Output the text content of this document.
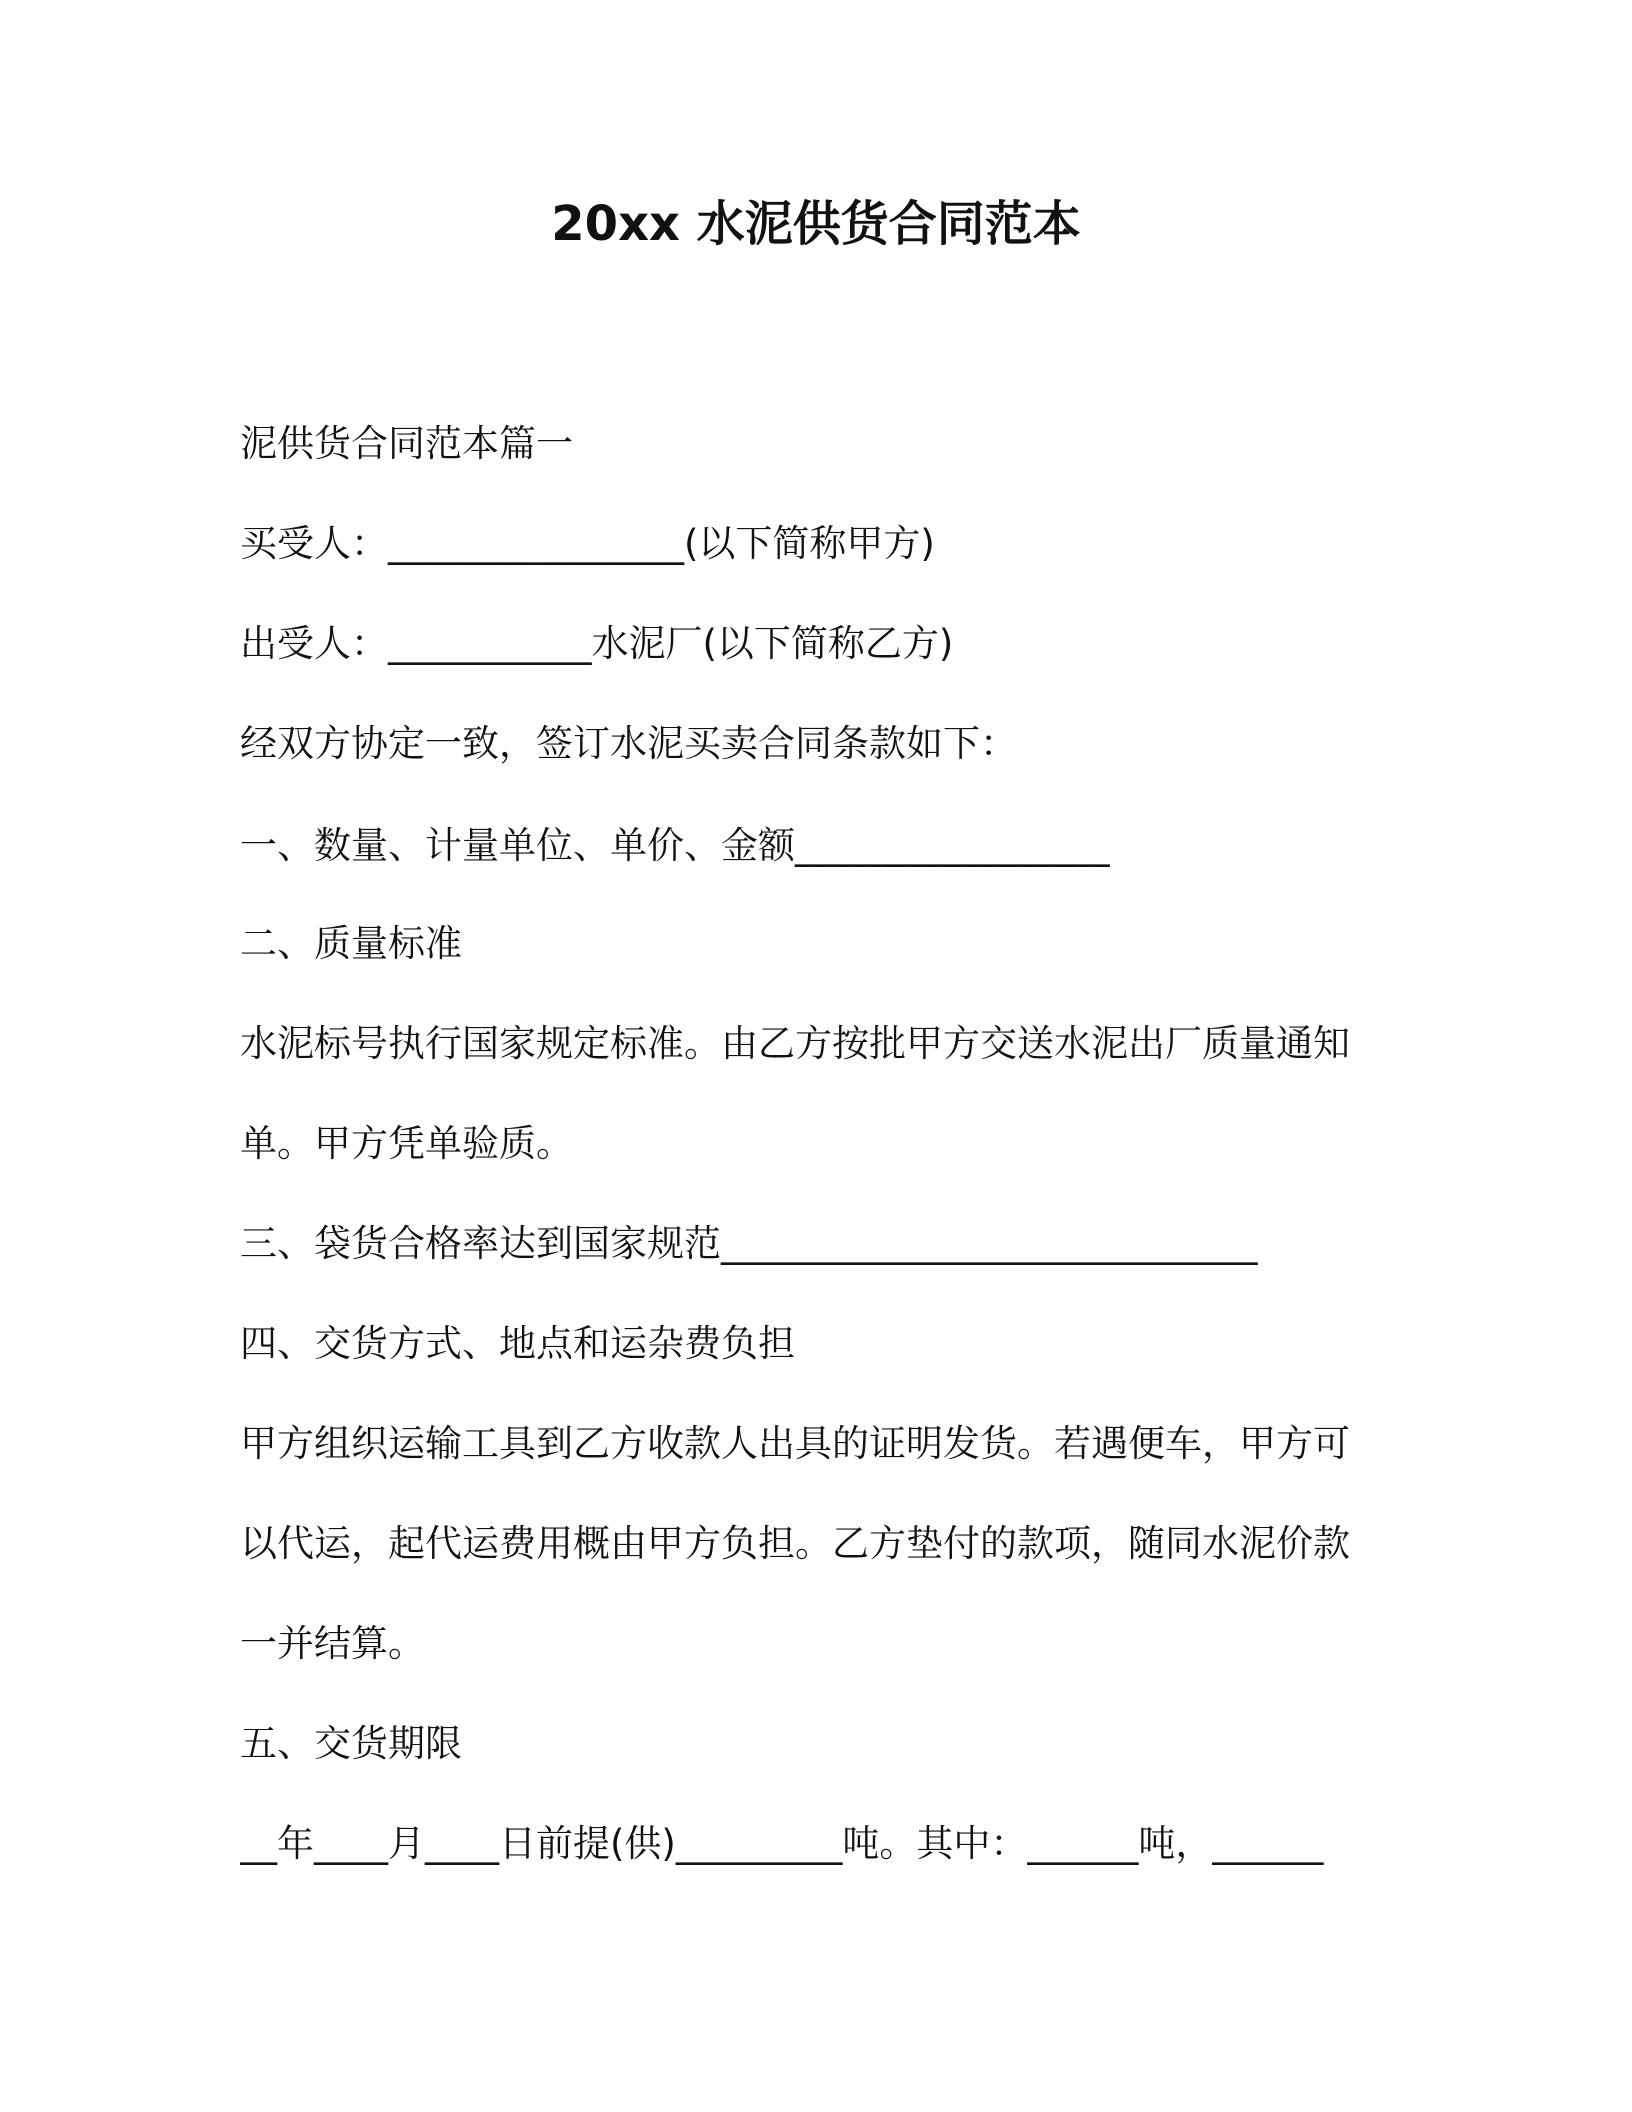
20xx 水泥供货合同范本
泥供货合同范本篇一
买受人：________________(以下简称甲方)
出受人：___________水泥厂(以下简称乙方)
经双方协定一致，签订水泥买卖合同条款如下：
一、数量、计量单位、单价、金额_________________
二、质量标准
水泥标号执行国家规定标准。由乙方按批甲方交送水泥出厂质量通知
单。甲方凭单验质。
三、袋货合格率达到国家规范_____________________________
四、交货方式、地点和运杂费负担
甲方组织运输工具到乙方收款人出具的证明发货。若遇便车，甲方可
以代运，起代运费用概由甲方负担。乙方垫付的款项，随同水泥价款
一并结算。
五、交货期限
__年____月____日前提(供)_________吨。其中：______吨，______
